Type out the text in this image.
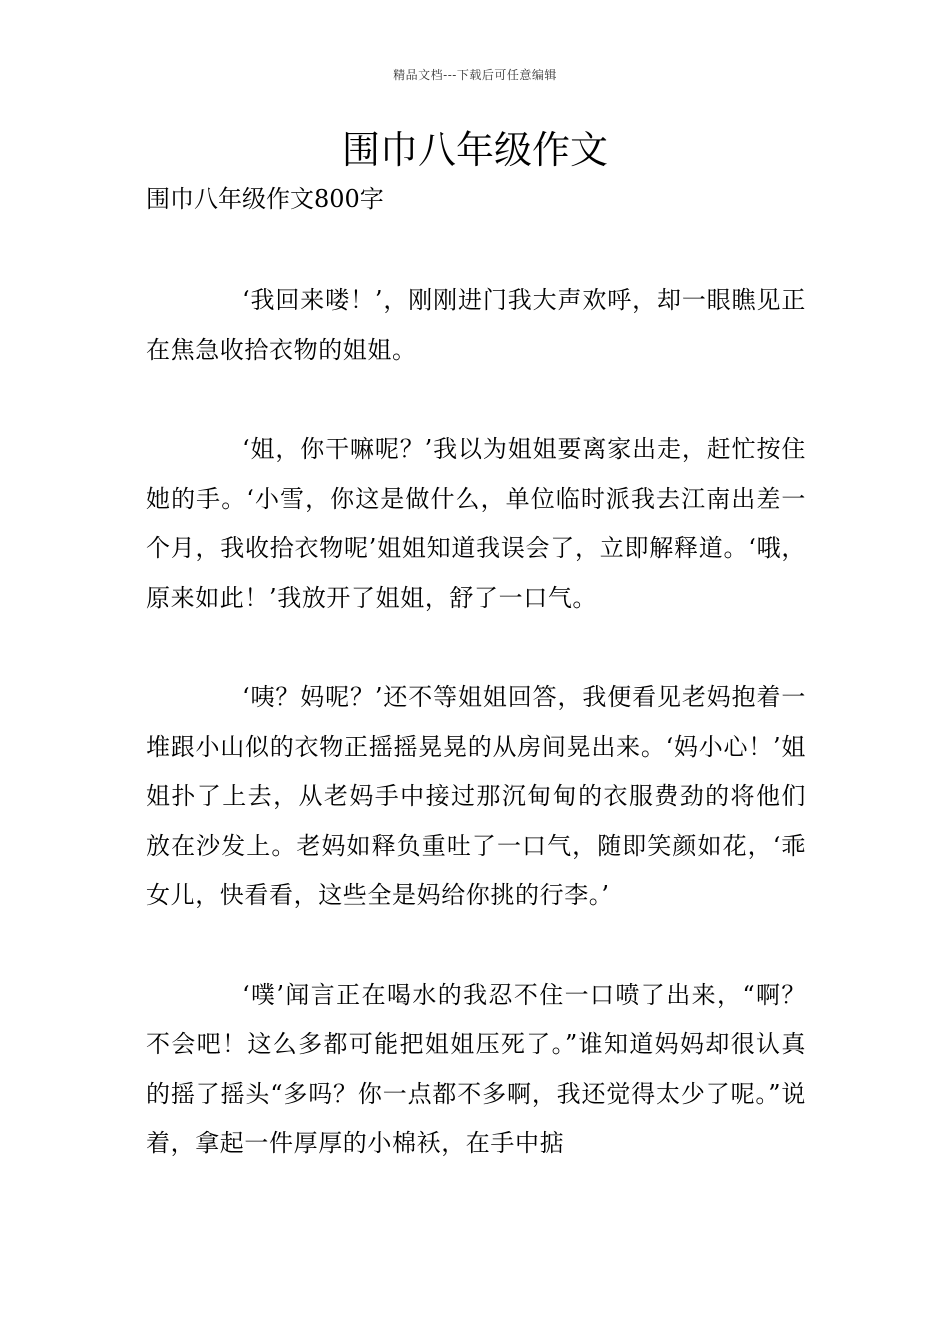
精品文档---下载后可任意编辑
围巾八年级作文
围巾八年级作文800字

‘我回来喽！’，刚刚进门我大声欢呼，却一眼瞧见正在焦急收拾衣物的姐姐。

‘姐，你干嘛呢？’我以为姐姐要离家出走，赶忙按住她的手。‘小雪，你这是做什么，单位临时派我去江南出差一个月，我收拾衣物呢’姐姐知道我误会了，立即解释道。‘哦，原来如此！’我放开了姐姐，舒了一口气。

‘咦？妈呢？’还不等姐姐回答，我便看见老妈抱着一堆跟小山似的衣物正摇摇晃晃的从房间晃出来。‘妈小心！’姐姐扑了上去，从老妈手中接过那沉甸甸的衣服费劲的将他们放在沙发上。老妈如释负重吐了一口气，随即笑颜如花，‘乖女儿，快看看，这些全是妈给你挑的行李。’

‘噗’闻言正在喝水的我忍不住一口喷了出来，“啊？不会吧！这么多都可能把姐姐压死了。”谁知道妈妈却很认真的摇了摇头“多吗？你一点都不多啊，我还觉得太少了呢。”说着，拿起一件厚厚的小棉袄，在手中掂
